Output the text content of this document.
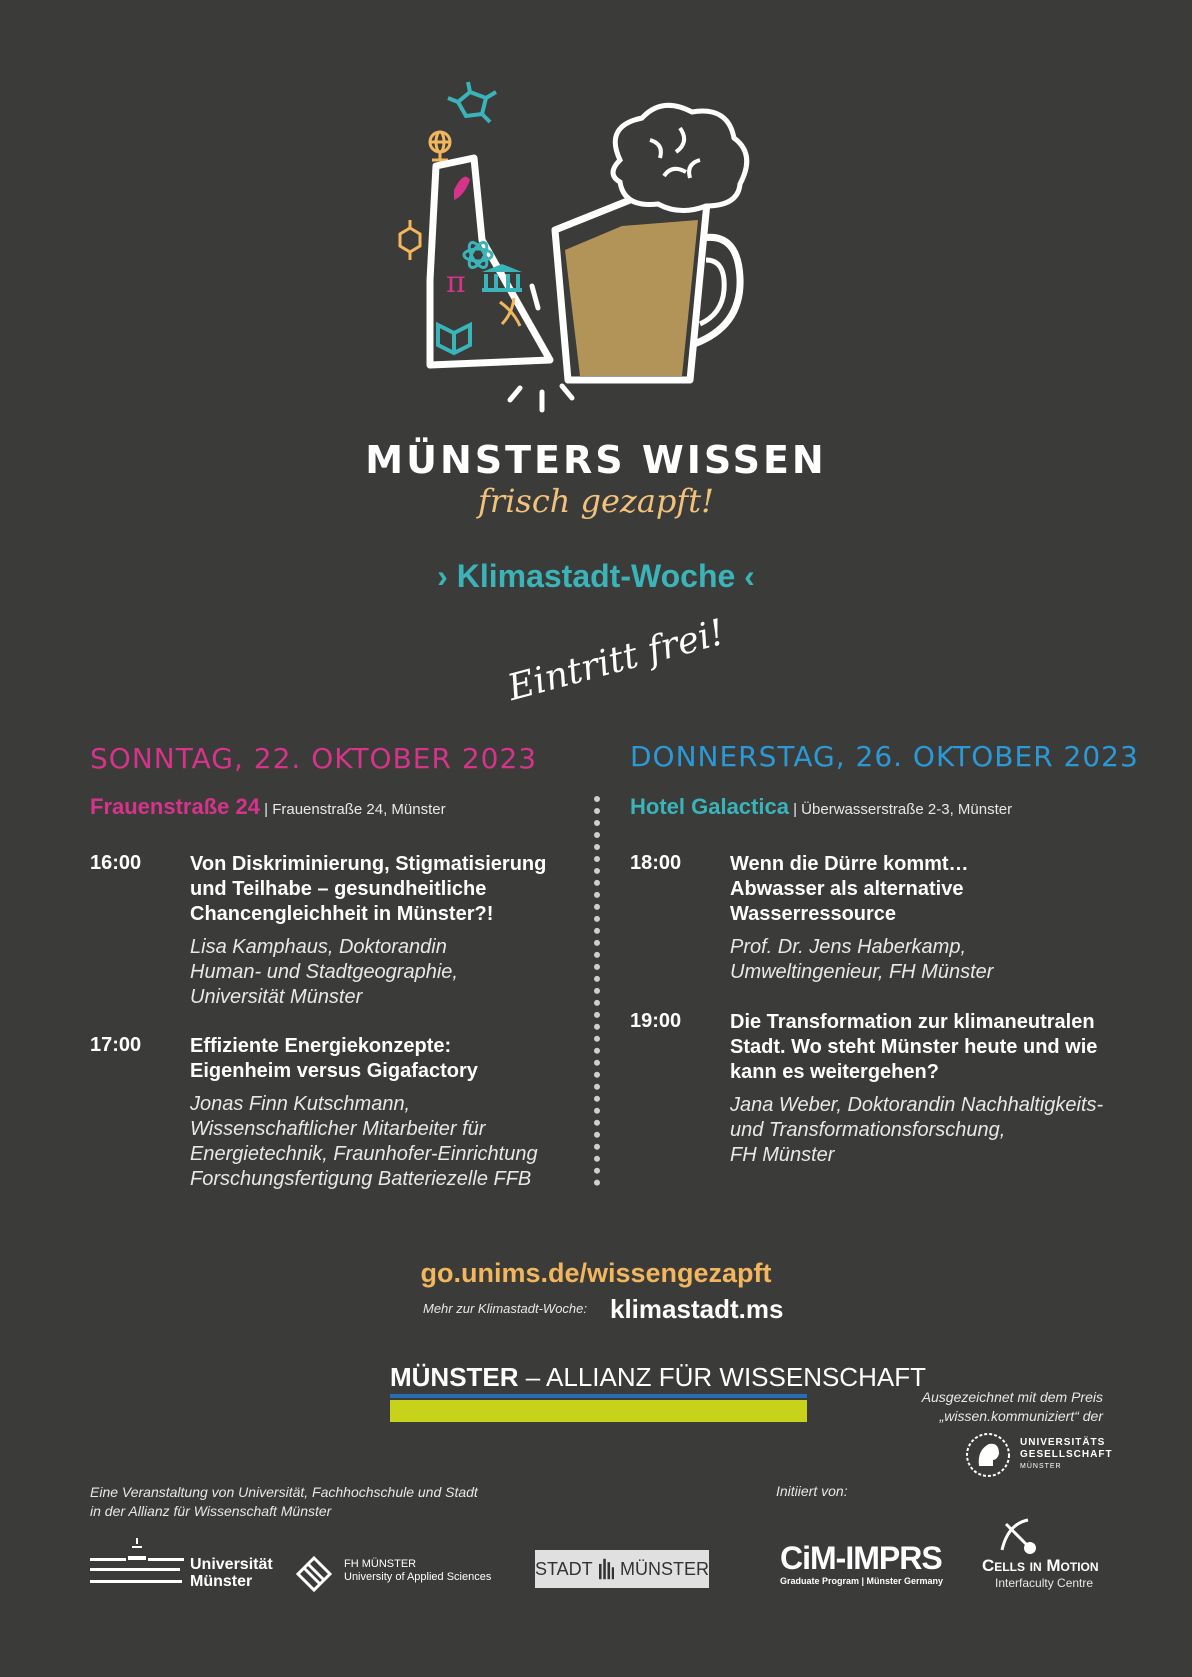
π
MÜNSTERS WISSEN
frisch gezapft!
› Klimastadt-Woche ‹
Eintritt frei!
SONNTAG, 22. OKTOBER 2023
Frauenstraße 24 | Frauenstraße 24, Münster
16:00	Von Diskriminierung, Stigmatisierung
und Teilhabe – gesundheitliche
Chancengleichheit in Münster?!
Lisa Kamphaus, Doktorandin
Human- und Stadtgeographie,
Universität Münster
17:00	Effiziente Energiekonzepte:
Eigenheim versus Gigafactory
Jonas Finn Kutschmann,
Wissenschaftlicher Mitarbeiter für
Energietechnik, Fraunhofer-Einrichtung
Forschungsfertigung Batteriezelle FFB
DONNERSTAG, 26. OKTOBER 2023
Hotel Galactica | Überwasserstraße 2-3, Münster
18:00	Wenn die Dürre kommt…
Abwasser als alternative
Wasserressource
Prof. Dr. Jens Haberkamp,
Umweltingenieur, FH Münster
19:00	Die Transformation zur klimaneutralen
Stadt. Wo steht Münster heute und wie
kann es weitergehen?
Jana Weber, Doktorandin Nachhaltigkeits-
und Transformationsforschung,
FH Münster
go.unims.de/wissengezapft
Mehr zur Klimastadt-Woche: klimastadt.ms
MÜNSTER – ALLIANZ FÜR WISSENSCHAFT
Ausgezeichnet mit dem Preis
„wissen.kommuniziert“ der
UNIVERSITÄTS
GESELLSCHAFT
MÜNSTER
Eine Veranstaltung von Universität, Fachhochschule und Stadt
in der Allianz für Wissenschaft Münster
Initiiert von:
Universität
Münster
FH MÜNSTER
University of Applied Sciences STADT MÜNSTER CiM-IMPRS
Graduate Program | Münster Germany
Cells in Motion
Interfaculty Centre
